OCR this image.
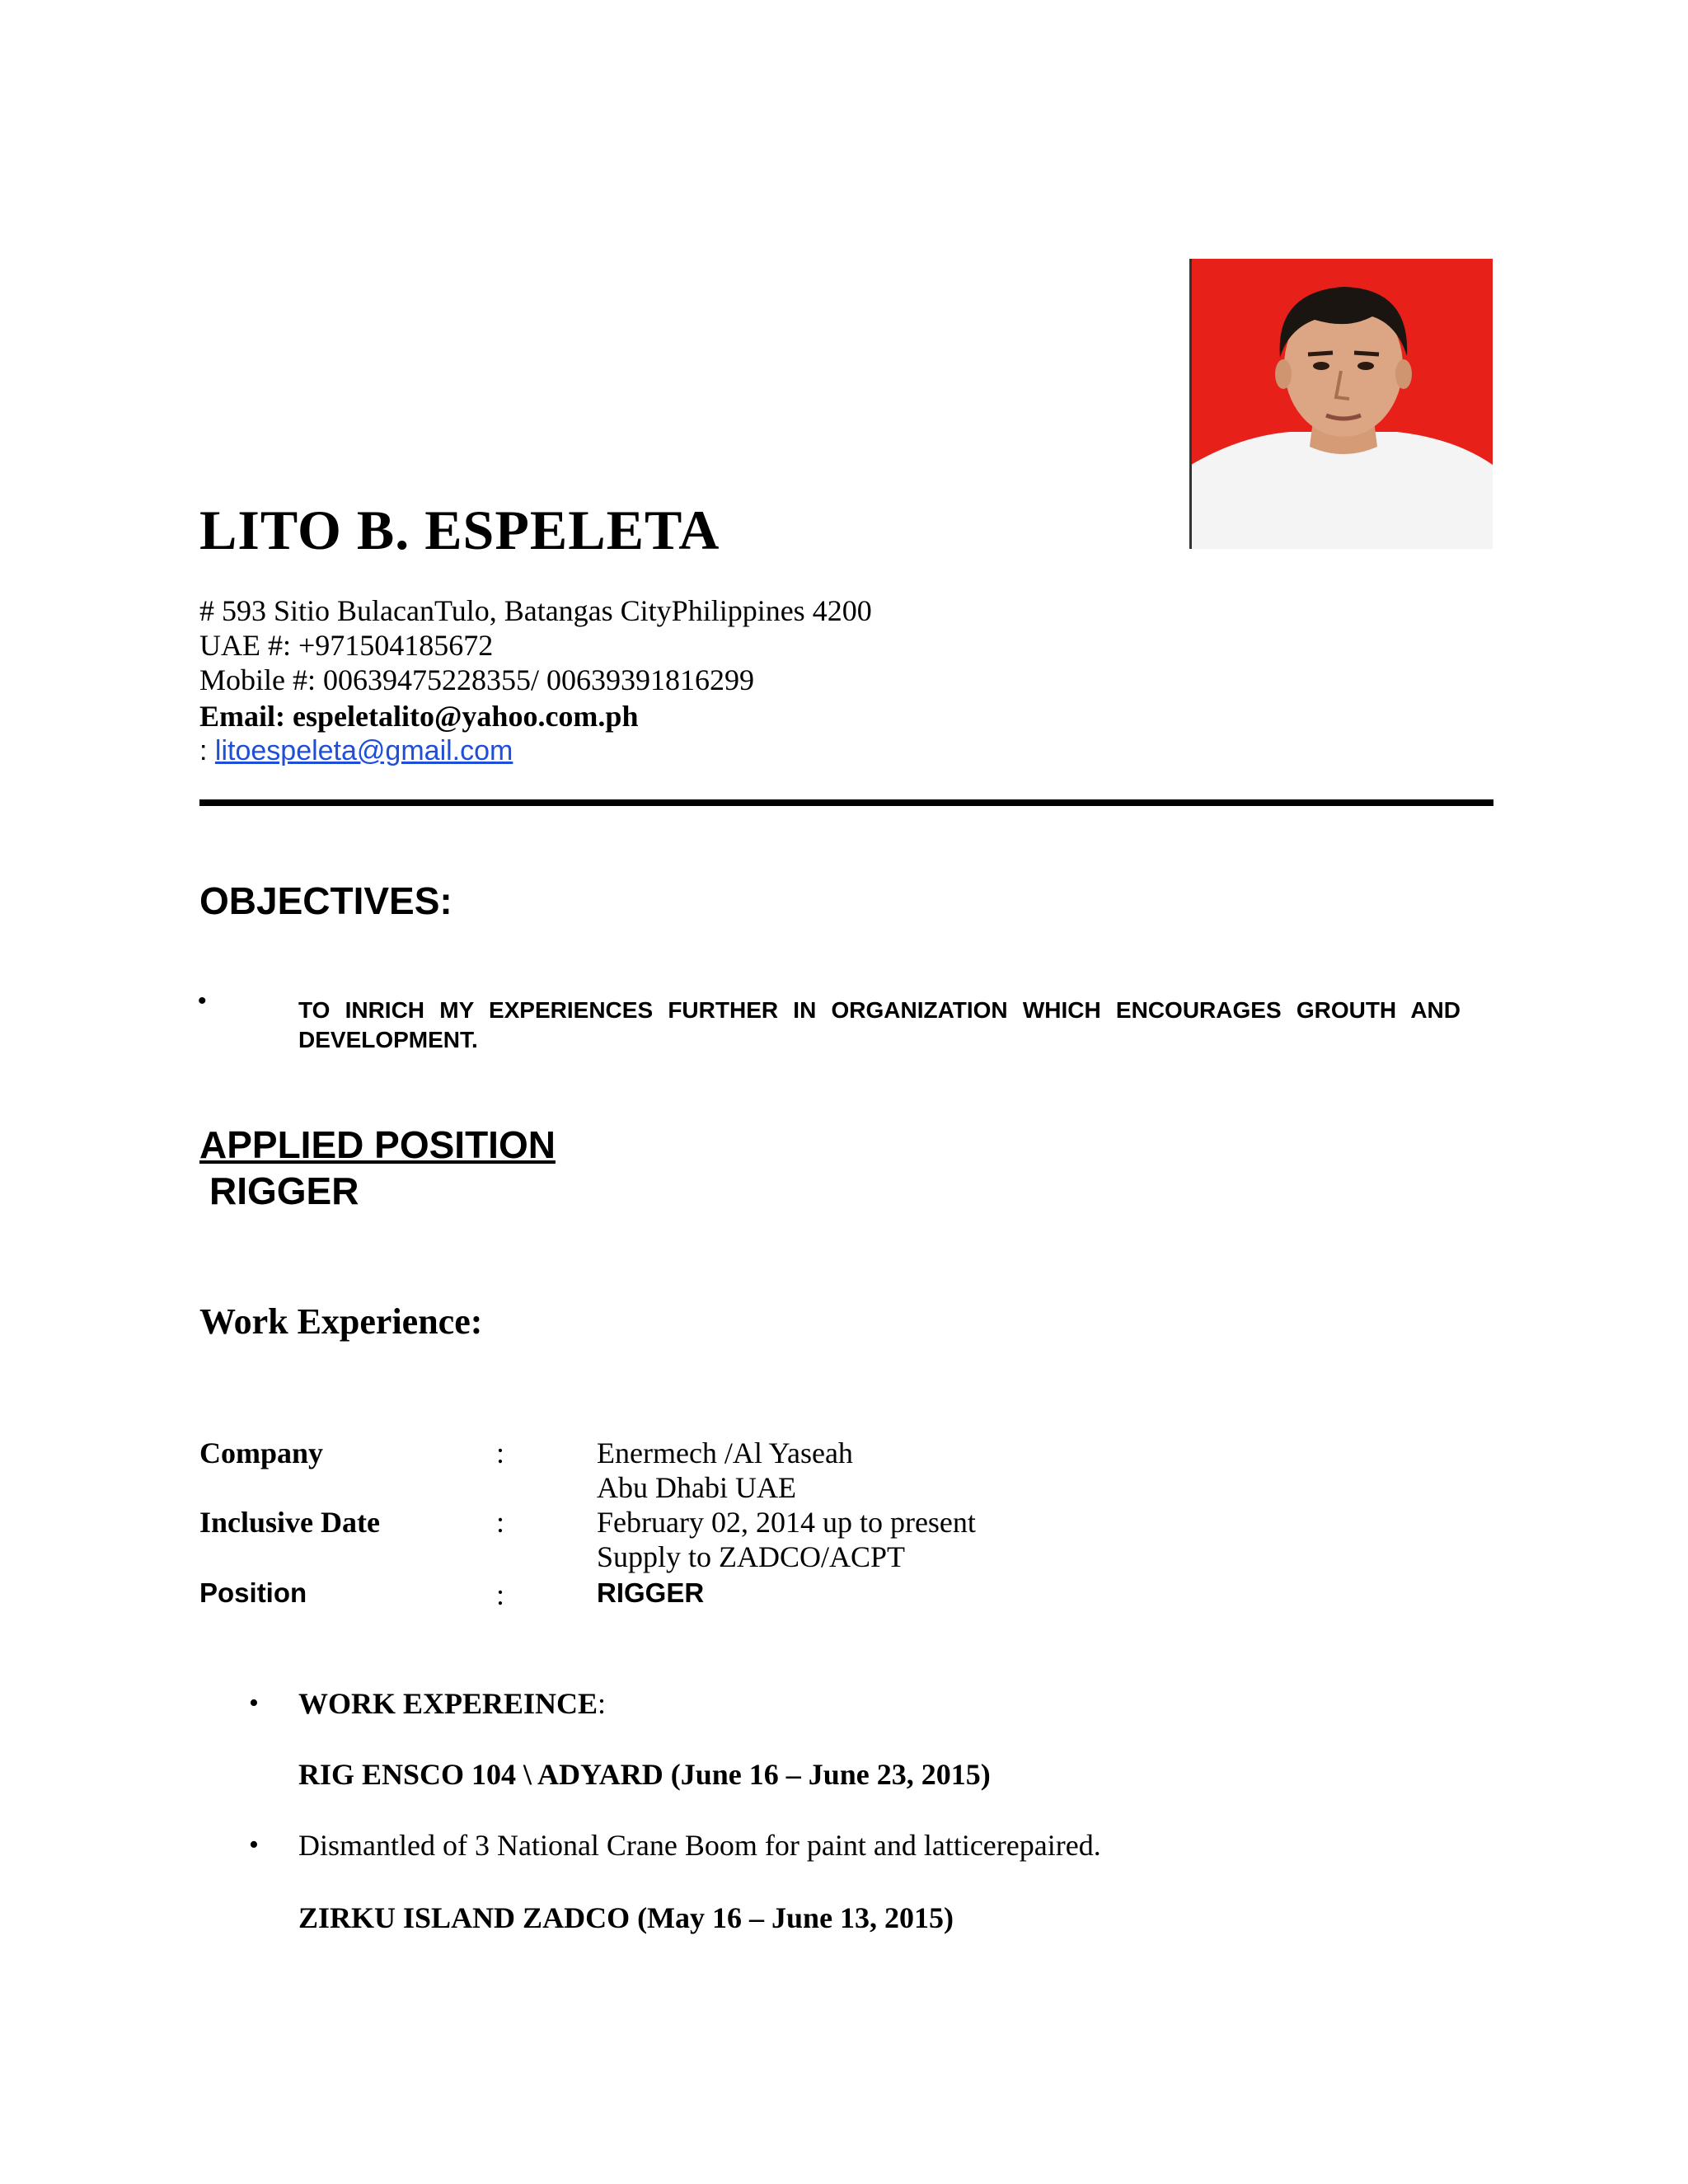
LITO B. ESPELETA

# 593 Sitio BulacanTulo, Batangas CityPhilippines 4200

UAE #: +971504185672

Mobile #: 00639475228355/ 00639391816299

Email: espeletalito@yahoo.com.ph

: litoespeleta@gmail.com

OBJECTIVES:
•	TO INRICH MY EXPERIENCES FURTHER IN ORGANIZATION WHICH ENCOURAGES GROUTH AND DEVELOPMENT.

APPLIED POSITION

RIGGER

Work Experience:

Company	:	Enermech /Al Yaseah

Abu Dhabi UAE

Inclusive Date	:	February 02, 2014 up to present

Supply to ZADCO/ACPT

Position	:	RIGGER

• WORK EXPEREINCE:

RIG ENSCO 104 \ ADYARD (June 16 – June 23, 2015)

• Dismantled of 3 National Crane Boom for paint and latticerepaired.

ZIRKU ISLAND ZADCO (May 16 – June 13, 2015)
